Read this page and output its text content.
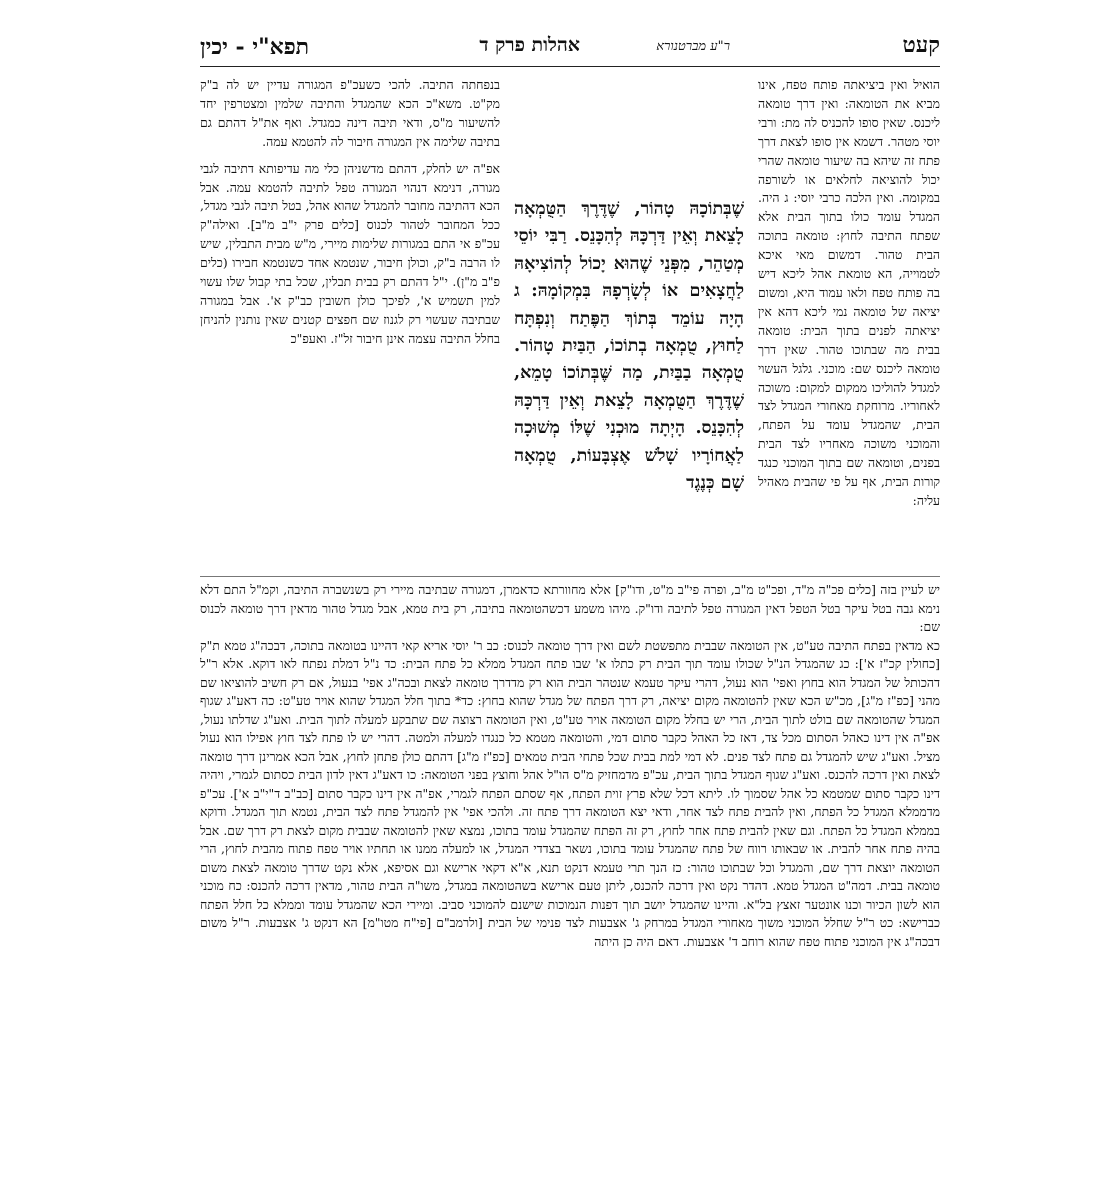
קעט
ר"ע מברטנורא
אהלות פרק ד
תפא"י - יכין
הואיל ואין ביציאתה פותח טפח, אינו מביא את הטומאה: ואין דרך טומאה ליכנס. שאין סופו להכניס לה מת: ורבי יוסי מטהר. דשמא אין סופו לצאת דרך פתח זה שיהא בה שיעור טומאה שהרי יכול להוציאה לחלאים או לשורפה במקומה. ואין הלכה כרבי יוסי: ג היה. המגדל עומד כולו בתוך הבית אלא שפתח התיבה לחוץ: טומאה בתוכה הבית טהור. דמשום מאי איכא לטמוייה, הא טומאת אהל ליכא דיש בה פותח טפח ולאו עמוד היא, ומשום יציאה של טומאה נמי ליכא דהא אין יציאתה לפנים בתוך הבית: טומאה בבית מה שבתוכו טהור. שאין דרך טומאה ליכנס שם: מוכני. גלגל העשוי למגדל להוליכו ממקום למקום: משוכה לאחוריו. מרוחקת מאחורי המגדל לצד הבית, שהמגדל עומד על הפתח, והמוכני משוכה מאחריו לצד הבית בפנים, וטומאה שם בתוך המוכני כנגד קורות הבית, אף על פי שהבית מאהיל עליה:
שֶׁבְּתוֹכָהּ טָהוֹר, שֶׁדֶּרֶךְ הַטֻּמְאָה לָצֵאת וְאֵין דַּרְכָּהּ לְהִכָּנֵס. רַבִּי יוֹסֵי מְטַהֵר, מִפְּנֵי שֶׁהוּא יָכוֹל לְהוֹצִיאָהּ לַחֲצָאִים אוֹ לְשָׂרְפָהּ בִּמְקוֹמָהּ: ג הָיָה עוֹמֵד בְּתוֹךְ הַפֶּתַח וְנִפְתָּח לַחוּץ, טֻמְאָה בְתוֹכוֹ, הַבַּיִת טָהוֹר. טֻמְאָה בַבַּיִת, מַה שֶּׁבְּתוֹכוֹ טָמֵא, שֶׁדֶּרֶךְ הַטֻּמְאָה לָצֵאת וְאֵין דַּרְכָּהּ לְהִכָּנֵס. הָיְתָה מוּכְנִי שֶׁלּוֹ מְשׁוּכָה לַאֲחוֹרָיו שָׁלֹשׁ אֶצְבָּעוֹת, טֻמְאָה שָׁם כְּנֶגֶד
בנפחתה התיבה. להכי כשעכ"פ המגורה עדיין יש לה ב"ק מק"ט. משא"כ הכא שהמגדל והתיבה שלמין ומצטרפין יחד להשיעור מ"ס, ודאי תיבה דינה כמגדל. ואף את"ל דהתם גם בתיבה שלימה אין המגורה חיבור לה להטמא עמה.
אפ"ה יש לחלק, דהתם מדשניהן כלי מה עדיפותא דתיבה לגבי מגורה, דנימא דנהוי המגורה טפל לתיבה להטמא עמה. אבל הכא דהתיבה מחובר להמגדל שהוא אהל, בטל תיבה לגבי מגדל, ככל המחובר לטהור לכנוס [כלים פרק י"ב מ"ב]. ואילה"ק עכ"פ אי התם במגורות שלימות מיירי, מ"ש מבית התבלין, שיש לו הרבה ב"ק, וכולן חיבור, שנטמא אחד כשנטמא חבירו (כלים פ"ב מ"ן). י"ל דהתם רק בבית תבלין, שכל בתי קבול שלו עשוי למין תשמיש א', לפיכך כולן חשובין כב"ק א'. אבל במגורה שבתיבה שעשוי רק לגנוז שם חפצים קטנים שאין נותנין להניחן בחלל התיבה עצמה אינן חיבור זל"ז. ואעפ"כ

יש לעיין בזה [כלים פכ"ה מ"ד, ופכ"ט מ"ב, ופרה פי"ב מ"ט, ודו"ק] אלא מחוורתא כדאמרן, דמגורה שבתיבה מיירי רק בשנשברה התיבה, וקמ"ל התם דלא נימא גבה בטל עיקר בטל הטפל דאין המגורה טפל לתיבה ודו"ק. מיהו משמע דכשהטומאה בתיבה, רק בית טמא, אבל מגדל טהור מדאין דרך טומאה לכנוס שם:

כא מדאין בפתח התיבה טע"ט, אין הטומאה שבבית מתפשטת לשם ואין דרך טומאה לכנוס: כב ר' יוסי אריא קאי דהיינו בטומאה בתוכה, דבכה"ג טמא ת"ק [כחולין קכ"ז א']: כג שהמגדל הנ"ל שכולו עומד תוך הבית רק כתלו א' שבו פתח המגדל ממלא כל פתח הבית: כד נ"ל דמלת נפתח לאו דוקא. אלא ר"ל דהכותל של המגדל הוא בחוץ ואפי' הוא נעול, דהרי עיקר טעמא שנטהר הבית הוא רק מדדרך טומאה לצאת ובכה"ג אפי' בנעול, אם רק חשיב להוציאו שם מהני [כפ"ז מ"ג], מכ"ש הכא שאין להטומאה מקום יציאה, רק דרך הפתח של מגדל שהוא בחוץ: כד* בתוך חלל המגדל שהוא אויר טע"ט: כה דאע"ג שגוף המגדל שהטומאה שם בולט לתוך הבית, הרי יש בחלל מקום הטומאה אויר טע"ט, ואין הטומאה רצוצה שם שתבקע למעלה לתוך הבית. ואע"ג שדלתו נעול, אפ"ה אין דינו כאהל הסתום מכל צד, דאז כל האהל כקבר סתום דמי, והטומאה מטמא כל כנגדו למעלה ולמטה. דהרי יש לו פתח לצד חוץ אפילו הוא נעול מציל. ואע"ג שיש להמגדל גם פתח לצד פנים. לא דמי למת בבית שכל פתחי הבית טמאים [כפ"ז מ"ג] דהתם כולן פתחן לחוץ, אבל הכא אמרינן דרך טומאה לצאת ואין דרכה להכנס. ואע"ג שגוף המגדל בתוך הבית, עכ"פ מדמחזיק מ"ס הו"ל אהל וחוצץ בפני הטומאה: כו דאע"ג דאין לדון הבית כסתום לגמרי, ויהיה דינו כקבר סתום שמטמא כל אהל שסמוך לו. ליתא דכל שלא פרץ זוית הפתח, אף שסתם הפתח לגמרי, אפ"ה אין דינו כקבר סתום [כב"ב ד"י"ב א']. עכ"פ מדממלא המגדל כל הפתח, ואין להבית פתח לצד אחר, ודאי יצא הטומאה דרך פתח זה. ולהכי אפי' אין להמגדל פתח לצד הבית, נטמא תוך המגדל. ודוקא בממלא המגדל כל הפתח. וגם שאין להבית פתח אחר לחוץ, רק זה הפתח שהמגדל עומד בתוכו, נמצא שאין להטומאה שבבית מקום לצאת רק דרך שם. אבל בהיה פתח אחר להבית. או שבאותו רווח של פתח שהמגדל עומד בתוכו, נשאר בצדדי המגדל, או למעלה ממנו או תחתיו אויר טפח פתוח מהבית לחוץ, הרי הטומאה יוצאת דרך שם, והמגדל וכל שבתוכו טהור: כז הנך תרי טעמא דנקט תנא, א"א דקאי ארישא וגם אסיפא, אלא נקט שדרך טומאה לצאת משום טומאה בבית. דמה"ט המגדל טמא. דהדר נקט ואין דרכה להכנס, ליתן טעם ארישא בשהטומאה במגדל, משו"ה הבית טהור, מדאין דרכה להכנס: כח מוכני הוא לשון הכיור וכנו אונטער זאצץ בל"א. והיינו שהמגדל יושב תוך דפנות הנמוכות שישנם להמוכני סביב. ומיירי הכא שהמגדל עומד וממלא כל חלל הפתח כברישא: כט ר"ל שחלל המוכני משוך מאחורי המגדל במרחק ג' אצבעות לצד פנימי של הבית [ולרמב"ם [פי"ח מטו"מ] הא דנקט ג' אצבעות. ר"ל משום דבכה"ג אין המוכני פתוח טפח שהוא רוחב ד' אצבעות. דאם היה כן היתה
